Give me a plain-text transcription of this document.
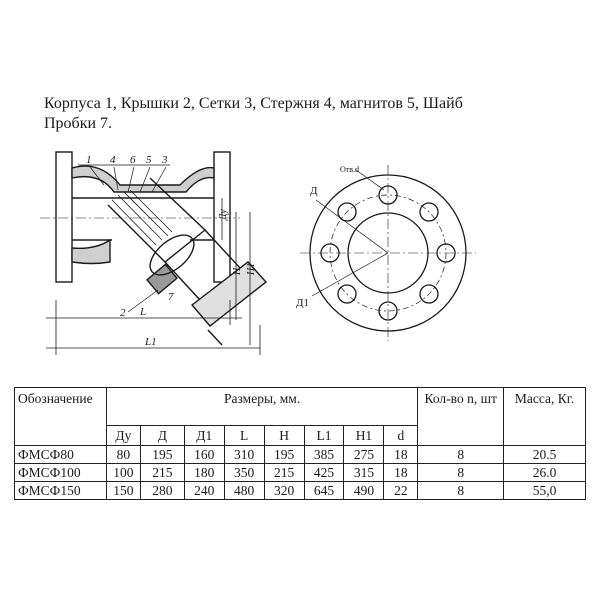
Корпуса 1, Крышки 2, Сетки 3, Стержня 4, магнитов 5, Шайб
Пробки 7.
1 4 6 5 3
2
7
Ду
Н Н1
L
L1
Д
Д1
Отв.d
Обозначение	Размеры, мм.								Кол-во n, шт	Масса, Кг.
	Ду	Д	Д1	L	Н	L1	Н1	d		
ФМСФ80	80	195	160	310	195	385	275	18	8	20.5
ФМСФ100	100	215	180	350	215	425	315	18	8	26.0
ФМСФ150	150	280	240	480	320	645	490	22	8	55,0
